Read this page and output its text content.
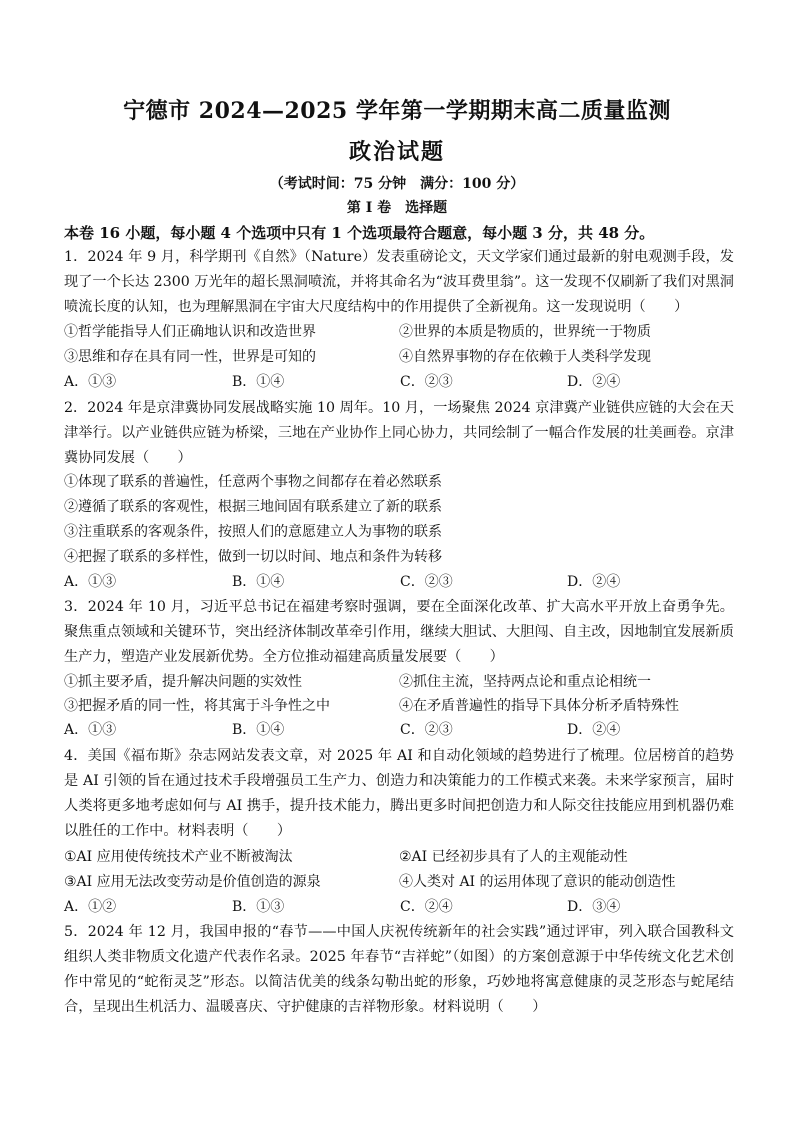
宁德市 2024—2025 学年第一学期期末高二质量监测
政治试题
（考试时间：75 分钟　满分：100 分）
第 I 卷　选择题
本卷 16 小题，每小题 4 个选项中只有 1 个选项最符合题意，每小题 3 分，共 48 分。
1．2024 年 9 月，科学期刊《自然》（Nature）发表重磅论文，天文学家们通过最新的射电观测手段，发现了一个长达 2300 万光年的超长黑洞喷流，并将其命名为“波耳费里翁”。这一发现不仅刷新了我们对黑洞喷流长度的认知，也为理解黑洞在宇宙大尺度结构中的作用提供了全新视角。这一发现说明（　　）
①哲学能指导人们正确地认识和改造世界	②世界的本质是物质的，世界统一于物质
③思维和存在具有同一性，世界是可知的	④自然界事物的存在依赖于人类科学发现
A．①③	B．①④	C．②③	D．②④
2．2024 年是京津冀协同发展战略实施 10 周年。10 月，一场聚焦 2024 京津冀产业链供应链的大会在天津举行。以产业链供应链为桥梁，三地在产业协作上同心协力，共同绘制了一幅合作发展的壮美画卷。京津冀协同发展（　　）
①体现了联系的普遍性，任意两个事物之间都存在着必然联系
②遵循了联系的客观性，根据三地间固有联系建立了新的联系
③注重联系的客观条件，按照人们的意愿建立人为事物的联系
④把握了联系的多样性，做到一切以时间、地点和条件为转移
A．①③	B．①④	C．②③	D．②④
3．2024 年 10 月，习近平总书记在福建考察时强调，要在全面深化改革、扩大高水平开放上奋勇争先。聚焦重点领域和关键环节，突出经济体制改革牵引作用，继续大胆试、大胆闯、自主改，因地制宜发展新质生产力，塑造产业发展新优势。全方位推动福建高质量发展要（　　）
①抓主要矛盾，提升解决问题的实效性	②抓住主流，坚持两点论和重点论相统一
③把握矛盾的同一性，将其寓于斗争性之中	④在矛盾普遍性的指导下具体分析矛盾特殊性
A．①③	B．①④	C．②③	D．②④
4．美国《福布斯》杂志网站发表文章，对 2025 年 AI 和自动化领域的趋势进行了梳理。位居榜首的趋势是 AI 引领的旨在通过技术手段增强员工生产力、创造力和决策能力的工作模式来袭。未来学家预言，届时人类将更多地考虑如何与 AI 携手，提升技术能力，腾出更多时间把创造力和人际交往技能应用到机器仍难以胜任的工作中。材料表明（　　）
①AI 应用使传统技术产业不断被淘汰	②AI 已经初步具有了人的主观能动性
③AI 应用无法改变劳动是价值创造的源泉	④人类对 AI 的运用体现了意识的能动创造性
A．①②	B．①③	C．②④	D．③④
5．2024 年 12 月，我国申报的“春节——中国人庆祝传统新年的社会实践”通过评审，列入联合国教科文组织人类非物质文化遗产代表作名录。2025 年春节“吉祥蛇”（如图）的方案创意源于中华传统文化艺术创作中常见的“蛇衔灵芝”形态。以简洁优美的线条勾勒出蛇的形象，巧妙地将寓意健康的灵芝形态与蛇尾结合，呈现出生机活力、温暖喜庆、守护健康的吉祥物形象。材料说明（　　）
